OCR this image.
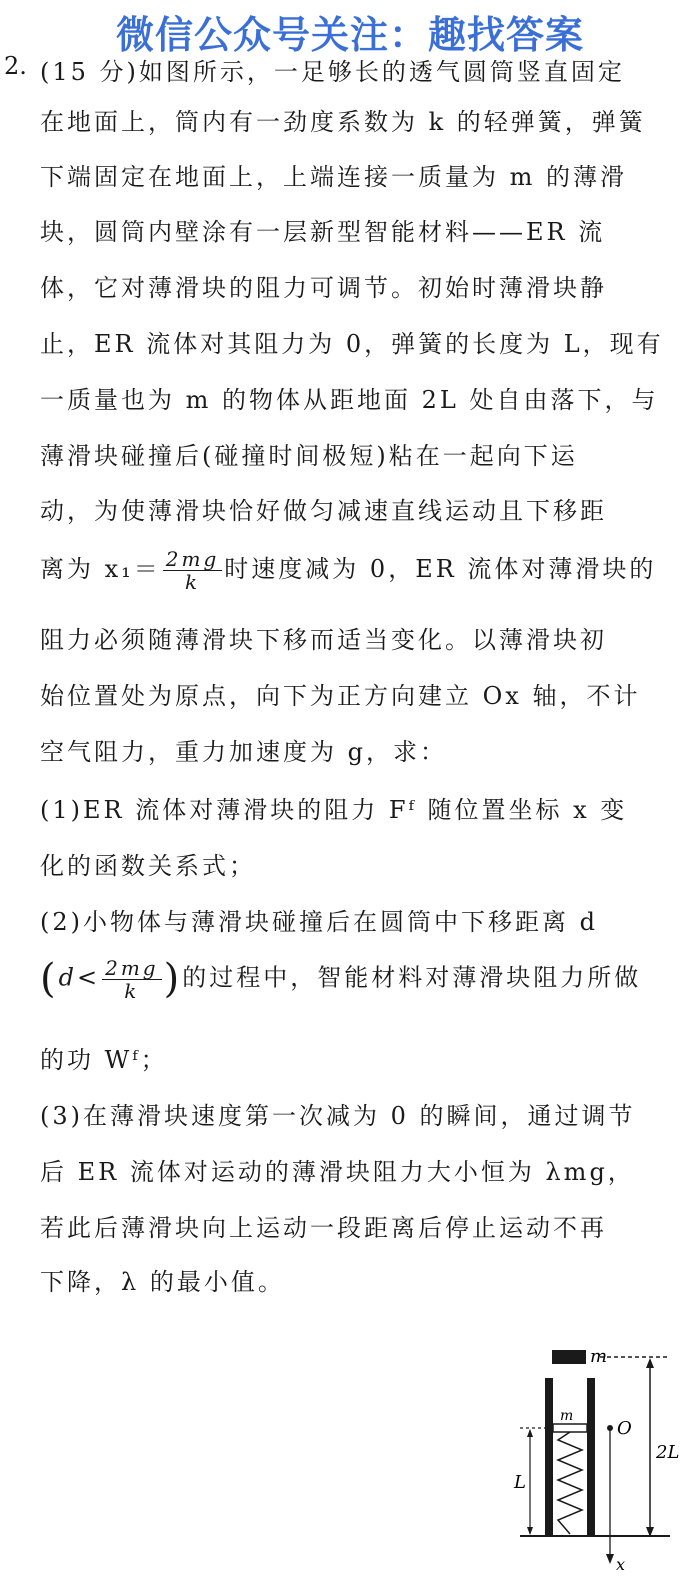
微信公众号关注：趣找答案
2. (15 分)如图所示，一足够长的透气圆筒竖直固定
在地面上，筒内有一劲度系数为 k 的轻弹簧，弹簧
下端固定在地面上，上端连接一质量为 m 的薄滑
块，圆筒内壁涂有一层新型智能材料——ER 流
体，它对薄滑块的阻力可调节。初始时薄滑块静
止，ER 流体对其阻力为 0，弹簧的长度为 L，现有
一质量也为 m 的物体从距地面 2L 处自由落下，与
薄滑块碰撞后(碰撞时间极短)粘在一起向下运
动，为使薄滑块恰好做匀减速直线运动且下移距
离为 $x_1= \frac{2mg}{k}$ 时速度减为 0，ER 流体对薄滑块的
阻力必须随薄滑块下移而适当变化。以薄滑块初
始位置处为原点，向下为正方向建立 Ox 轴，不计
空气阻力，重力加速度为 g，求：
(1)ER 流体对薄滑块的阻力 Fᶠ 随位置坐标 x 变
化的函数关系式；
(2)小物体与薄滑块碰撞后在圆筒中下移距离 d
($d< \frac{2mg}{k}$ )的过程中，智能材料对薄滑块阻力所做
的功 Wᶠ；
(3)在薄滑块速度第一次减为 0 的瞬间，通过调节
后 ER 流体对运动的薄滑块阻力大小恒为 λmg，
若此后薄滑块向上运动一段距离后停止运动不再
下降，λ 的最小值。
m
2L
m
L
O
x
